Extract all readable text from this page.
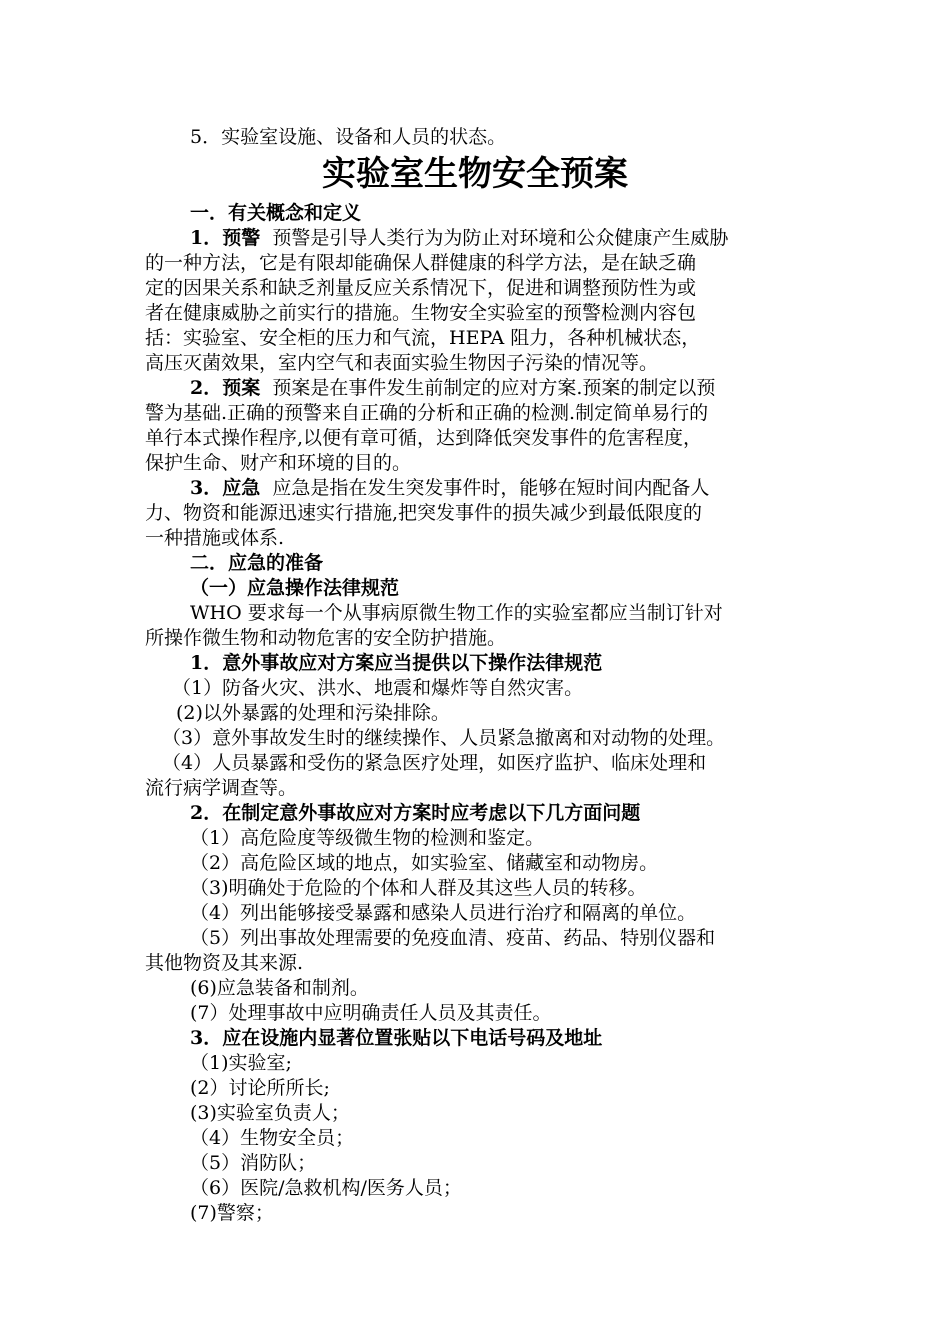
5．实验室设施、设备和人员的状态。

实验室生物安全预案

一．有关概念和定义

1．预警 预警是引导人类行为为防止对环境和公众健康产生威胁

的一种方法，它是有限却能确保人群健康的科学方法，是在缺乏确

定的因果关系和缺乏剂量反应关系情况下，促进和调整预防性为或

者在健康威胁之前实行的措施。生物安全实验室的预警检测内容包

括：实验室、安全柜的压力和气流，HEPA 阻力，各种机械状态，

高压灭菌效果，室内空气和表面实验生物因子污染的情况等。

2．预案 预案是在事件发生前制定的应对方案.预案的制定以预

警为基础.正确的预警来自正确的分析和正确的检测.制定简单易行的

单行本式操作程序,以便有章可循，达到降低突发事件的危害程度，

保护生命、财产和环境的目的。

3．应急 应急是指在发生突发事件时，能够在短时间内配备人

力、物资和能源迅速实行措施,把突发事件的损失减少到最低限度的

一种措施或体系.

二．应急的准备

（一）应急操作法律规范

WHO 要求每一个从事病原微生物工作的实验室都应当制订针对

所操作微生物和动物危害的安全防护措施。

1．意外事故应对方案应当提供以下操作法律规范

（1）防备火灾、洪水、地震和爆炸等自然灾害。

(2)以外暴露的处理和污染排除。

（3）意外事故发生时的继续操作、人员紧急撤离和对动物的处理。

（4）人员暴露和受伤的紧急医疗处理，如医疗监护、临床处理和

流行病学调查等。

2．在制定意外事故应对方案时应考虑以下几方面问题

（1）高危险度等级微生物的检测和鉴定。

（2）高危险区域的地点，如实验室、储藏室和动物房。

（3)明确处于危险的个体和人群及其这些人员的转移。

（4）列出能够接受暴露和感染人员进行治疗和隔离的单位。

（5）列出事故处理需要的免疫血清、疫苗、药品、特别仪器和

其他物资及其来源.

(6)应急装备和制剂。

(7）处理事故中应明确责任人员及其责任。

3．应在设施内显著位置张贴以下电话号码及地址

（1)实验室;

(2）讨论所所长;

(3)实验室负责人；

（4）生物安全员；

（5）消防队；

（6）医院/急救机构/医务人员；

(7)警察；
